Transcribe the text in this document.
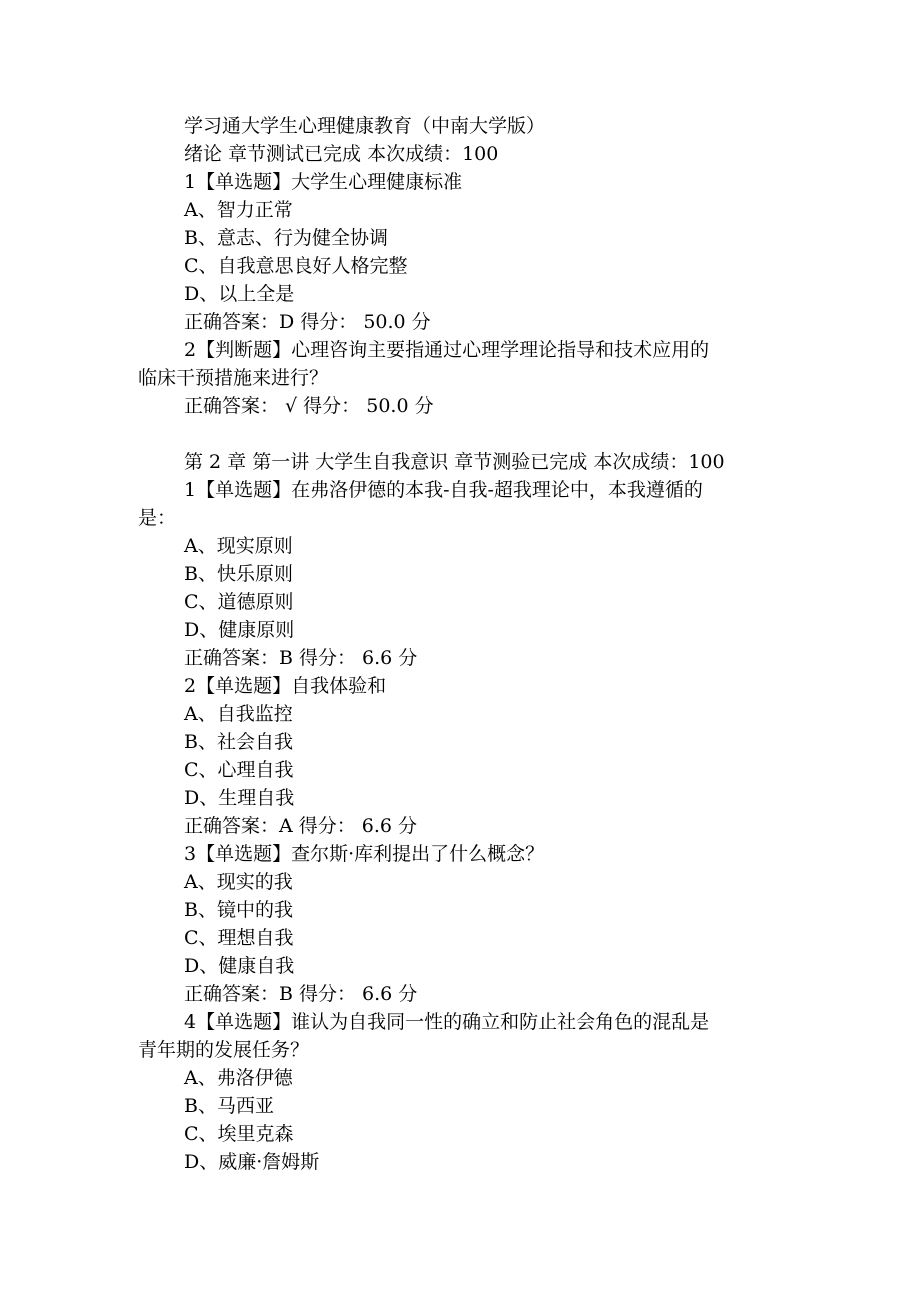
学习通大学生心理健康教育（中南大学版）
绪论 章节测试已完成 本次成绩：100
1【单选题】大学生心理健康标准
A、智力正常
B、意志、行为健全协调
C、自我意思良好人格完整
D、以上全是
正确答案：D 得分： 50.0 分
2【判断题】心理咨询主要指通过心理学理论指导和技术应用的
临床干预措施来进行？
正确答案： √ 得分： 50.0 分
第 2 章 第一讲 大学生自我意识 章节测验已完成 本次成绩：100
1【单选题】在弗洛伊德的本我-自我-超我理论中，本我遵循的
是：
A、现实原则
B、快乐原则
C、道德原则
D、健康原则
正确答案：B 得分： 6.6 分
2【单选题】自我体验和
A、自我监控
B、社会自我
C、心理自我
D、生理自我
正确答案：A 得分： 6.6 分
3【单选题】查尔斯·库利提出了什么概念？
A、现实的我
B、镜中的我
C、理想自我
D、健康自我
正确答案：B 得分： 6.6 分
4【单选题】谁认为自我同一性的确立和防止社会角色的混乱是
青年期的发展任务？
A、弗洛伊德
B、马西亚
C、埃里克森
D、威廉·詹姆斯
